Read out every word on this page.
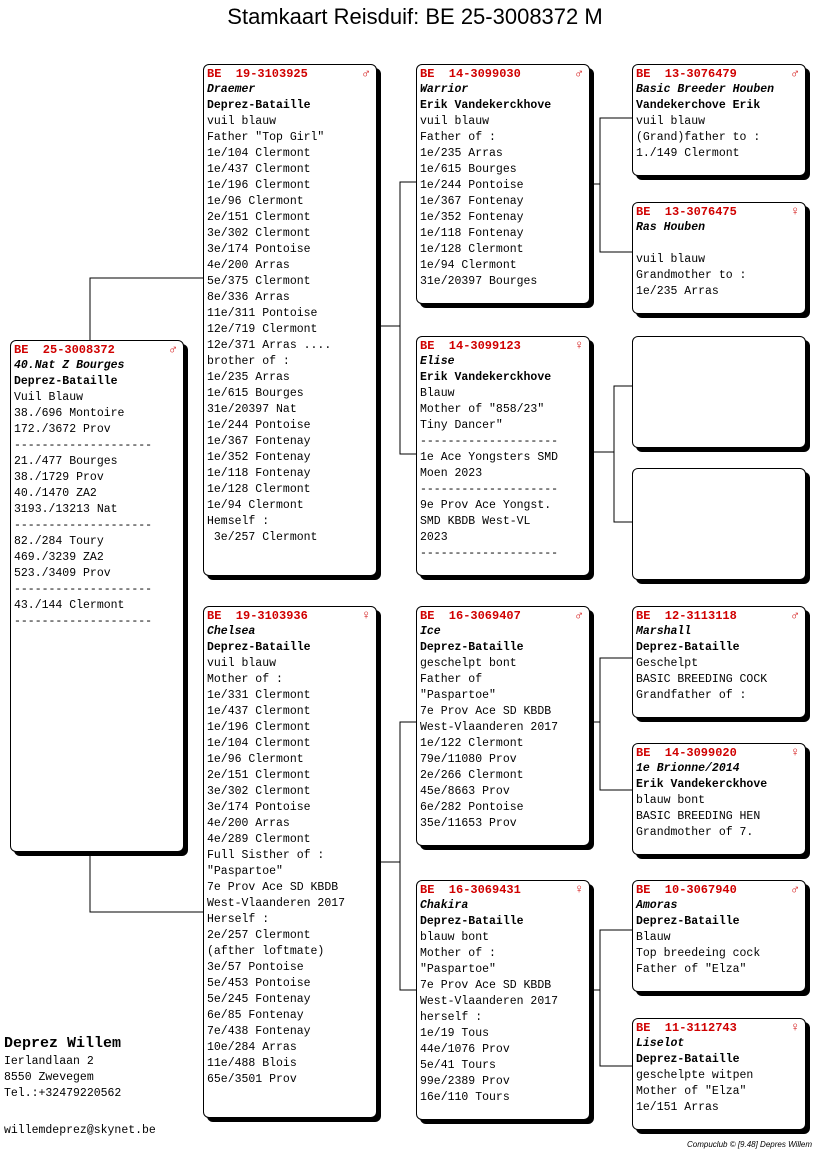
Stamkaart Reisduif: BE 25-3008372 M
BE  25-3008372	♂
40.Nat Z Bourges
Deprez-Bataille
Vuil Blauw
38./696 Montoire
172./3672 Prov
--------------------
21./477 Bourges
38./1729 Prov
40./1470 ZA2
3193./13213 Nat
--------------------
82./284 Toury
469./3239 ZA2
523./3409 Prov
--------------------
43./144 Clermont
--------------------
BE  19-3103925	♂
Draemer
Deprez-Bataille
vuil blauw
Father "Top Girl"
1e/104 Clermont
1e/437 Clermont
1e/196 Clermont
1e/96 Clermont
2e/151 Clermont
3e/302 Clermont
3e/174 Pontoise
4e/200 Arras
5e/375 Clermont
8e/336 Arras
11e/311 Pontoise
12e/719 Clermont
12e/371 Arras ....
brother of :
1e/235 Arras
1e/615 Bourges
31e/20397 Nat
1e/244 Pontoise
1e/367 Fontenay
1e/352 Fontenay
1e/118 Fontenay
1e/128 Clermont
1e/94 Clermont
Hemself :
3e/257 Clermont
BE  19-3103936	♀
Chelsea
Deprez-Bataille
vuil blauw
Mother of :
1e/331 Clermont
1e/437 Clermont
1e/196 Clermont
1e/104 Clermont
1e/96 Clermont
2e/151 Clermont
3e/302 Clermont
3e/174 Pontoise
4e/200 Arras
4e/289 Clermont
Full Sisther of :
"Paspartoe"
7e Prov Ace SD KBDB
West-Vlaanderen 2017
Herself :
2e/257 Clermont
(afther loftmate)
3e/57 Pontoise
5e/453 Pontoise
5e/245 Fontenay
6e/85 Fontenay
7e/438 Fontenay
10e/284 Arras
11e/488 Blois
65e/3501 Prov
BE  14-3099030	♂
Warrior
Erik Vandekerckhove
vuil blauw
Father of :
1e/235 Arras
1e/615 Bourges
1e/244 Pontoise
1e/367 Fontenay
1e/352 Fontenay
1e/118 Fontenay
1e/128 Clermont
1e/94 Clermont
31e/20397 Bourges
BE  14-3099123	♀
Elise
Erik Vandekerckhove
Blauw
Mother of "858/23"
Tiny Dancer"
--------------------
1e Ace Yongsters SMD
Moen 2023
--------------------
9e Prov Ace Yongst.
SMD KBDB West-VL
2023
--------------------
BE  16-3069407	♂
Ice
Deprez-Bataille
geschelpt bont
Father of
"Paspartoe"
7e Prov Ace SD KBDB
West-Vlaanderen 2017
1e/122 Clermont
79e/11080 Prov
2e/266 Clermont
45e/8663 Prov
6e/282 Pontoise
35e/11653 Prov
BE  16-3069431	♀
Chakira
Deprez-Bataille
blauw bont
Mother of :
"Paspartoe"
7e Prov Ace SD KBDB
West-Vlaanderen 2017
herself :
1e/19 Tous
44e/1076 Prov
5e/41 Tours
99e/2389 Prov
16e/110 Tours
BE  13-3076479	♂
Basic Breeder Houben
Vandekerchove Erik
vuil blauw
(Grand)father to :
1./149 Clermont
BE  13-3076475	♀
Ras Houben

vuil blauw
Grandmother to :
1e/235 Arras
BE  12-3113118	♂
Marshall
Deprez-Bataille
Geschelpt
BASIC BREEDING COCK
Grandfather of :
BE  14-3099020	♀
1e Brionne/2014
Erik Vandekerckhove
blauw bont
BASIC BREEDING HEN
Grandmother of 7.
BE  10-3067940	♂
Amoras
Deprez-Bataille
Blauw
Top breedeing cock
Father of "Elza"
BE  11-3112743	♀
Liselot
Deprez-Bataille
geschelpte witpen
Mother of "Elza"
1e/151 Arras
Deprez Willem
Ierlandlaan 2
8550 Zwevegem
Tel.:+32479220562
willemdeprez@skynet.be
Compuclub © [9.48] Depres Willem
